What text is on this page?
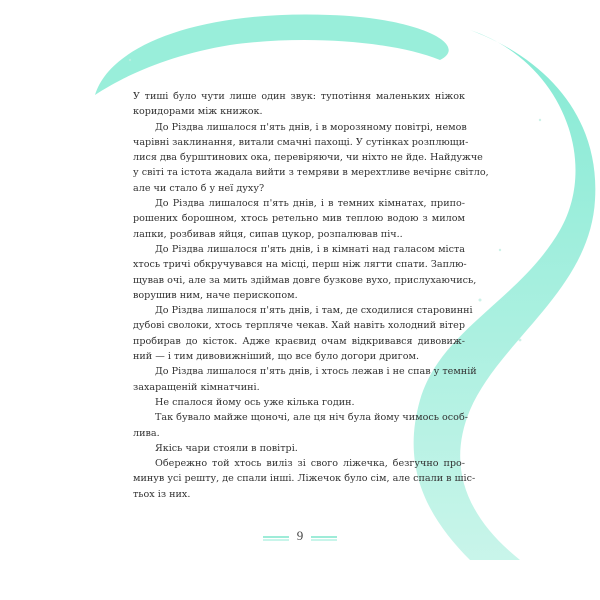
У тиші було чути лише один звук: тупотіння маленьких ніжок
коридорами між книжок.
До Різдва лишалося п'ять днів, і в морозяному повітрі, немов
чарівні заклинання, витали смачні пахощі. У сутінках розплющи-
лися два бурштинових ока, перевіряючи, чи ніхто не йде. Найдужче
у світі та істота жадала вийти з темряви в мерехтливе вечірнє світло,
але чи стало б у неї духу?
До Різдва лишалося п'ять днів, і в темних кімнатах, припо-
рошених борошном, хтось ретельно мив теплою водою з милом
лапки, розбивав яйця, сипав цукор, розпалював піч..
До Різдва лишалося п'ять днів, і в кімнаті над галасом міста
хтось тричі обкручувався на місці, перш ніж лягти спати. Заплю-
щував очі, але за мить здіймав довге бузкове вухо, прислухаючись,
ворушив ним, наче перископом.
До Різдва лишалося п'ять днів, і там, де сходилися старовинні
дубові сволоки, хтось терпляче чекав. Хай навіть холодний вітер
пробирав до кісток. Адже краєвид очам відкривався дивовиж-
ний — і тим дивовижніший, що все було догори дригом.
До Різдва лишалося п'ять днів, і хтось лежав і не спав у темній
захаращеній кімнатчині.
Не спалося йому ось уже кілька годин.
Так бувало майже щоночі, але ця ніч була йому чимось особ-
лива.
Якісь чари стояли в повітрі.
Обережно той хтось виліз зі свого ліжечка, безгучно про-
минув усі решту, де спали інші. Ліжечок було сім, але спали в шіс-
тьох із них.
9
